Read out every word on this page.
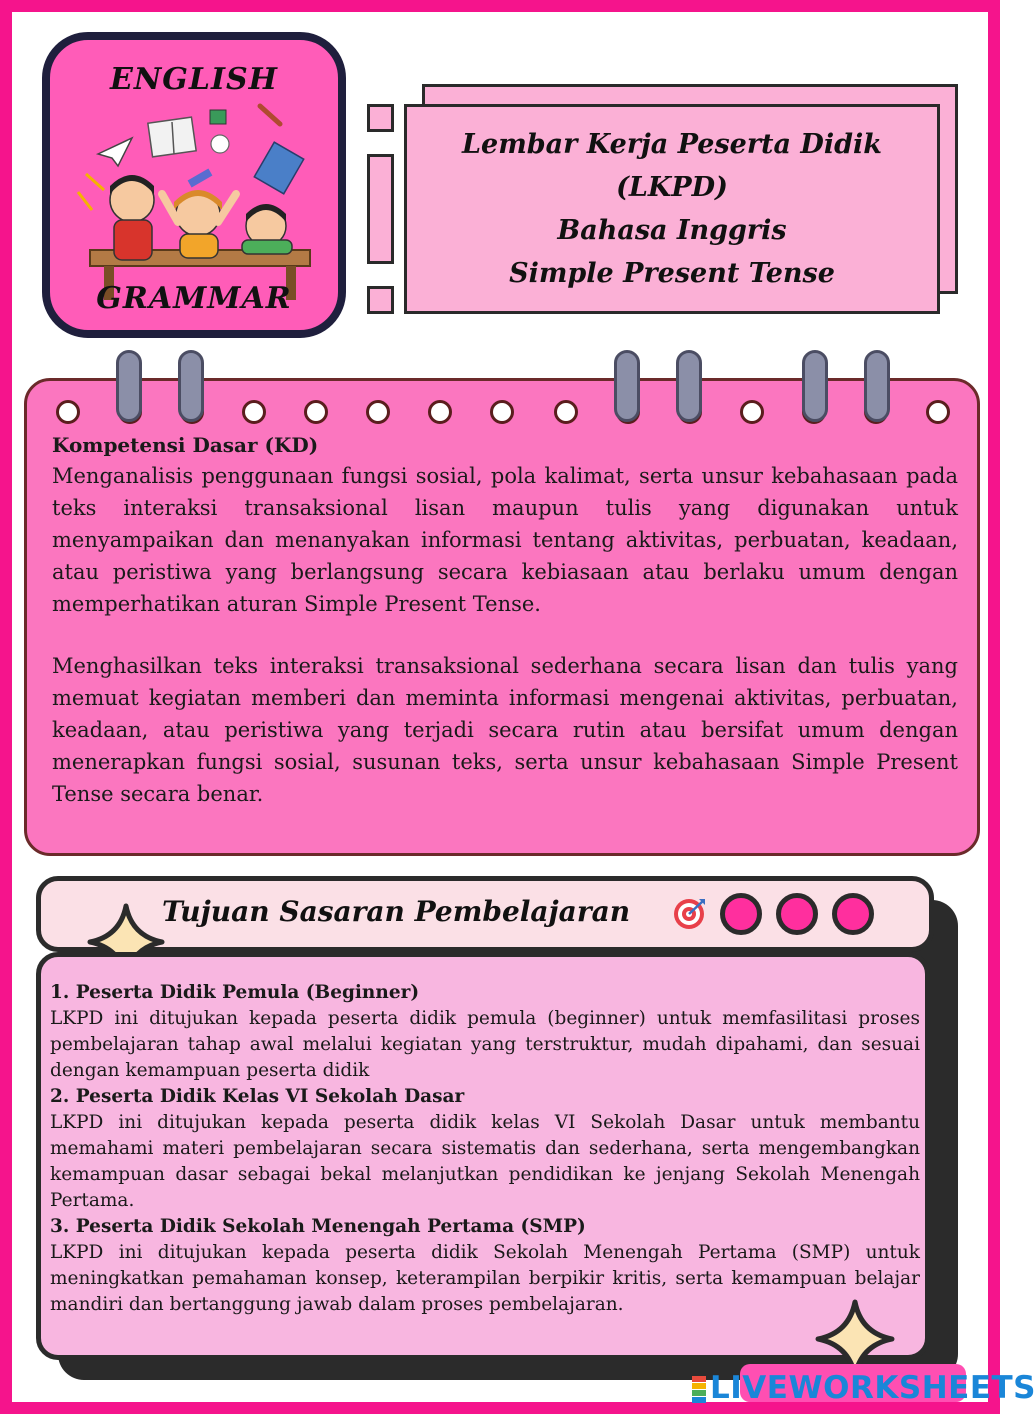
ENGLISH
GRAMMAR
Lembar Kerja Peserta Didik
(LKPD)
Bahasa Inggris
Simple Present Tense
Kompetensi Dasar (KD)

Menganalisis penggunaan fungsi sosial, pola kalimat, serta unsur kebahasaan pada teks interaksi transaksional lisan maupun tulis yang digunakan untuk menyampaikan dan menanyakan informasi tentang aktivitas, perbuatan, keadaan, atau peristiwa yang berlangsung secara kebiasaan atau berlaku umum dengan memperhatikan aturan Simple Present Tense.

Menghasilkan teks interaksi transaksional sederhana secara lisan dan tulis yang memuat kegiatan memberi dan meminta informasi mengenai aktivitas, perbuatan, keadaan, atau peristiwa yang terjadi secara rutin atau bersifat umum dengan menerapkan fungsi sosial, susunan teks, serta unsur kebahasaan Simple Present Tense secara benar.

Tujuan Sasaran Pembelajaran
1. Peserta Didik Pemula (Beginner)

LKPD ini ditujukan kepada peserta didik pemula (beginner) untuk memfasilitasi proses pembelajaran tahap awal melalui kegiatan yang terstruktur, mudah dipahami, dan sesuai dengan kemampuan peserta didik

2. Peserta Didik Kelas VI Sekolah Dasar

LKPD ini ditujukan kepada peserta didik kelas VI Sekolah Dasar untuk membantu memahami materi pembelajaran secara sistematis dan sederhana, serta mengembangkan kemampuan dasar sebagai bekal melanjutkan pendidikan ke jenjang Sekolah Menengah Pertama.

3. Peserta Didik Sekolah Menengah Pertama (SMP)

LKPD ini ditujukan kepada peserta didik Sekolah Menengah Pertama (SMP) untuk meningkatkan pemahaman konsep, keterampilan berpikir kritis, serta kemampuan belajar mandiri dan bertanggung jawab dalam proses pembelajaran.

LIVEWORKSHEETS
